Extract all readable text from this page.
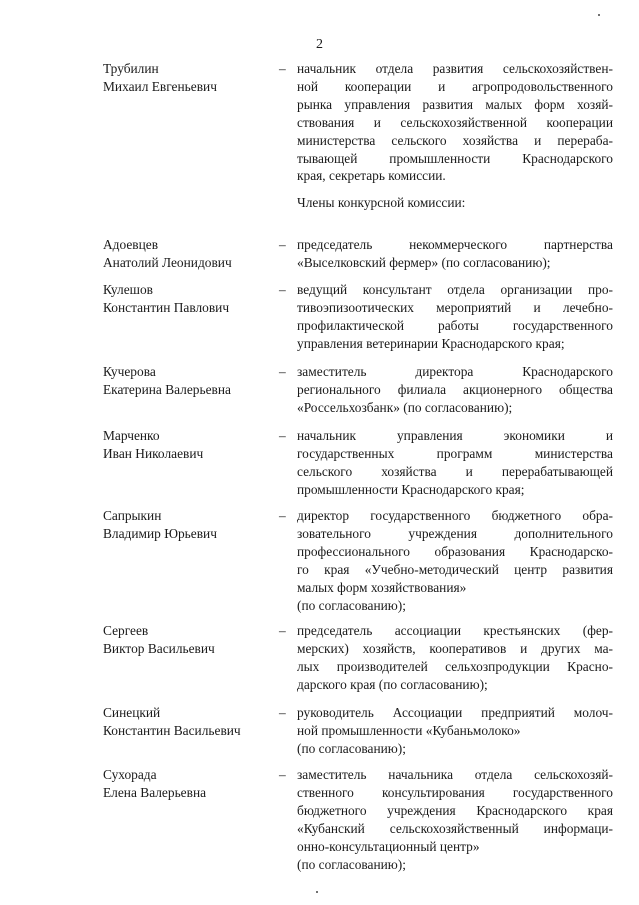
2
Трубилин
Михаил Евгеньевич
– начальник отдела развития сельскохозяйствен-
ной кооперации и агропродовольственного
рынка управления развития малых форм хозяй-
ствования и сельскохозяйственной кооперации
министерства сельского хозяйства и перераба-
тывающей промышленности Краснодарского
края, секретарь комиссии.
Члены конкурсной комиссии:
Адоевцев
Анатолий Леонидович
– председатель некоммерческого партнерства
«Выселковский фермер» (по согласованию);
Кулешов
Константин Павлович
– ведущий консультант отдела организации про-
тивоэпизоотических мероприятий и лечебно-
профилактической работы государственного
управления ветеринарии Краснодарского края;
Кучерова
Екатерина Валерьевна
– заместитель директора Краснодарского
регионального филиала акционерного общества
«Россельхозбанк» (по согласованию);
Марченко
Иван Николаевич
– начальник управления экономики и
государственных программ министерства
сельского хозяйства и перерабатывающей
промышленности Краснодарского края;
Сапрыкин
Владимир Юрьевич
– директор государственного бюджетного обра-
зовательного учреждения дополнительного
профессионального образования Краснодарско-
го края «Учебно-методический центр развития
малых форм хозяйствования»
(по согласованию);
Сергеев
Виктор Васильевич
– председатель ассоциации крестьянских (фер-
мерских) хозяйств, кооперативов и других ма-
лых производителей сельхозпродукции Красно-
дарского края (по согласованию);
Синецкий
Константин Васильевич
– руководитель Ассоциации предприятий молоч-
ной промышленности «Кубаньмолоко»
(по согласованию);
Сухорада
Елена Валерьевна
– заместитель начальника отдела сельскохозяй-
ственного консультирования государственного
бюджетного учреждения Краснодарского края
«Кубанский сельскохозяйственный информаци-
онно-консультационный центр»
(по согласованию);
